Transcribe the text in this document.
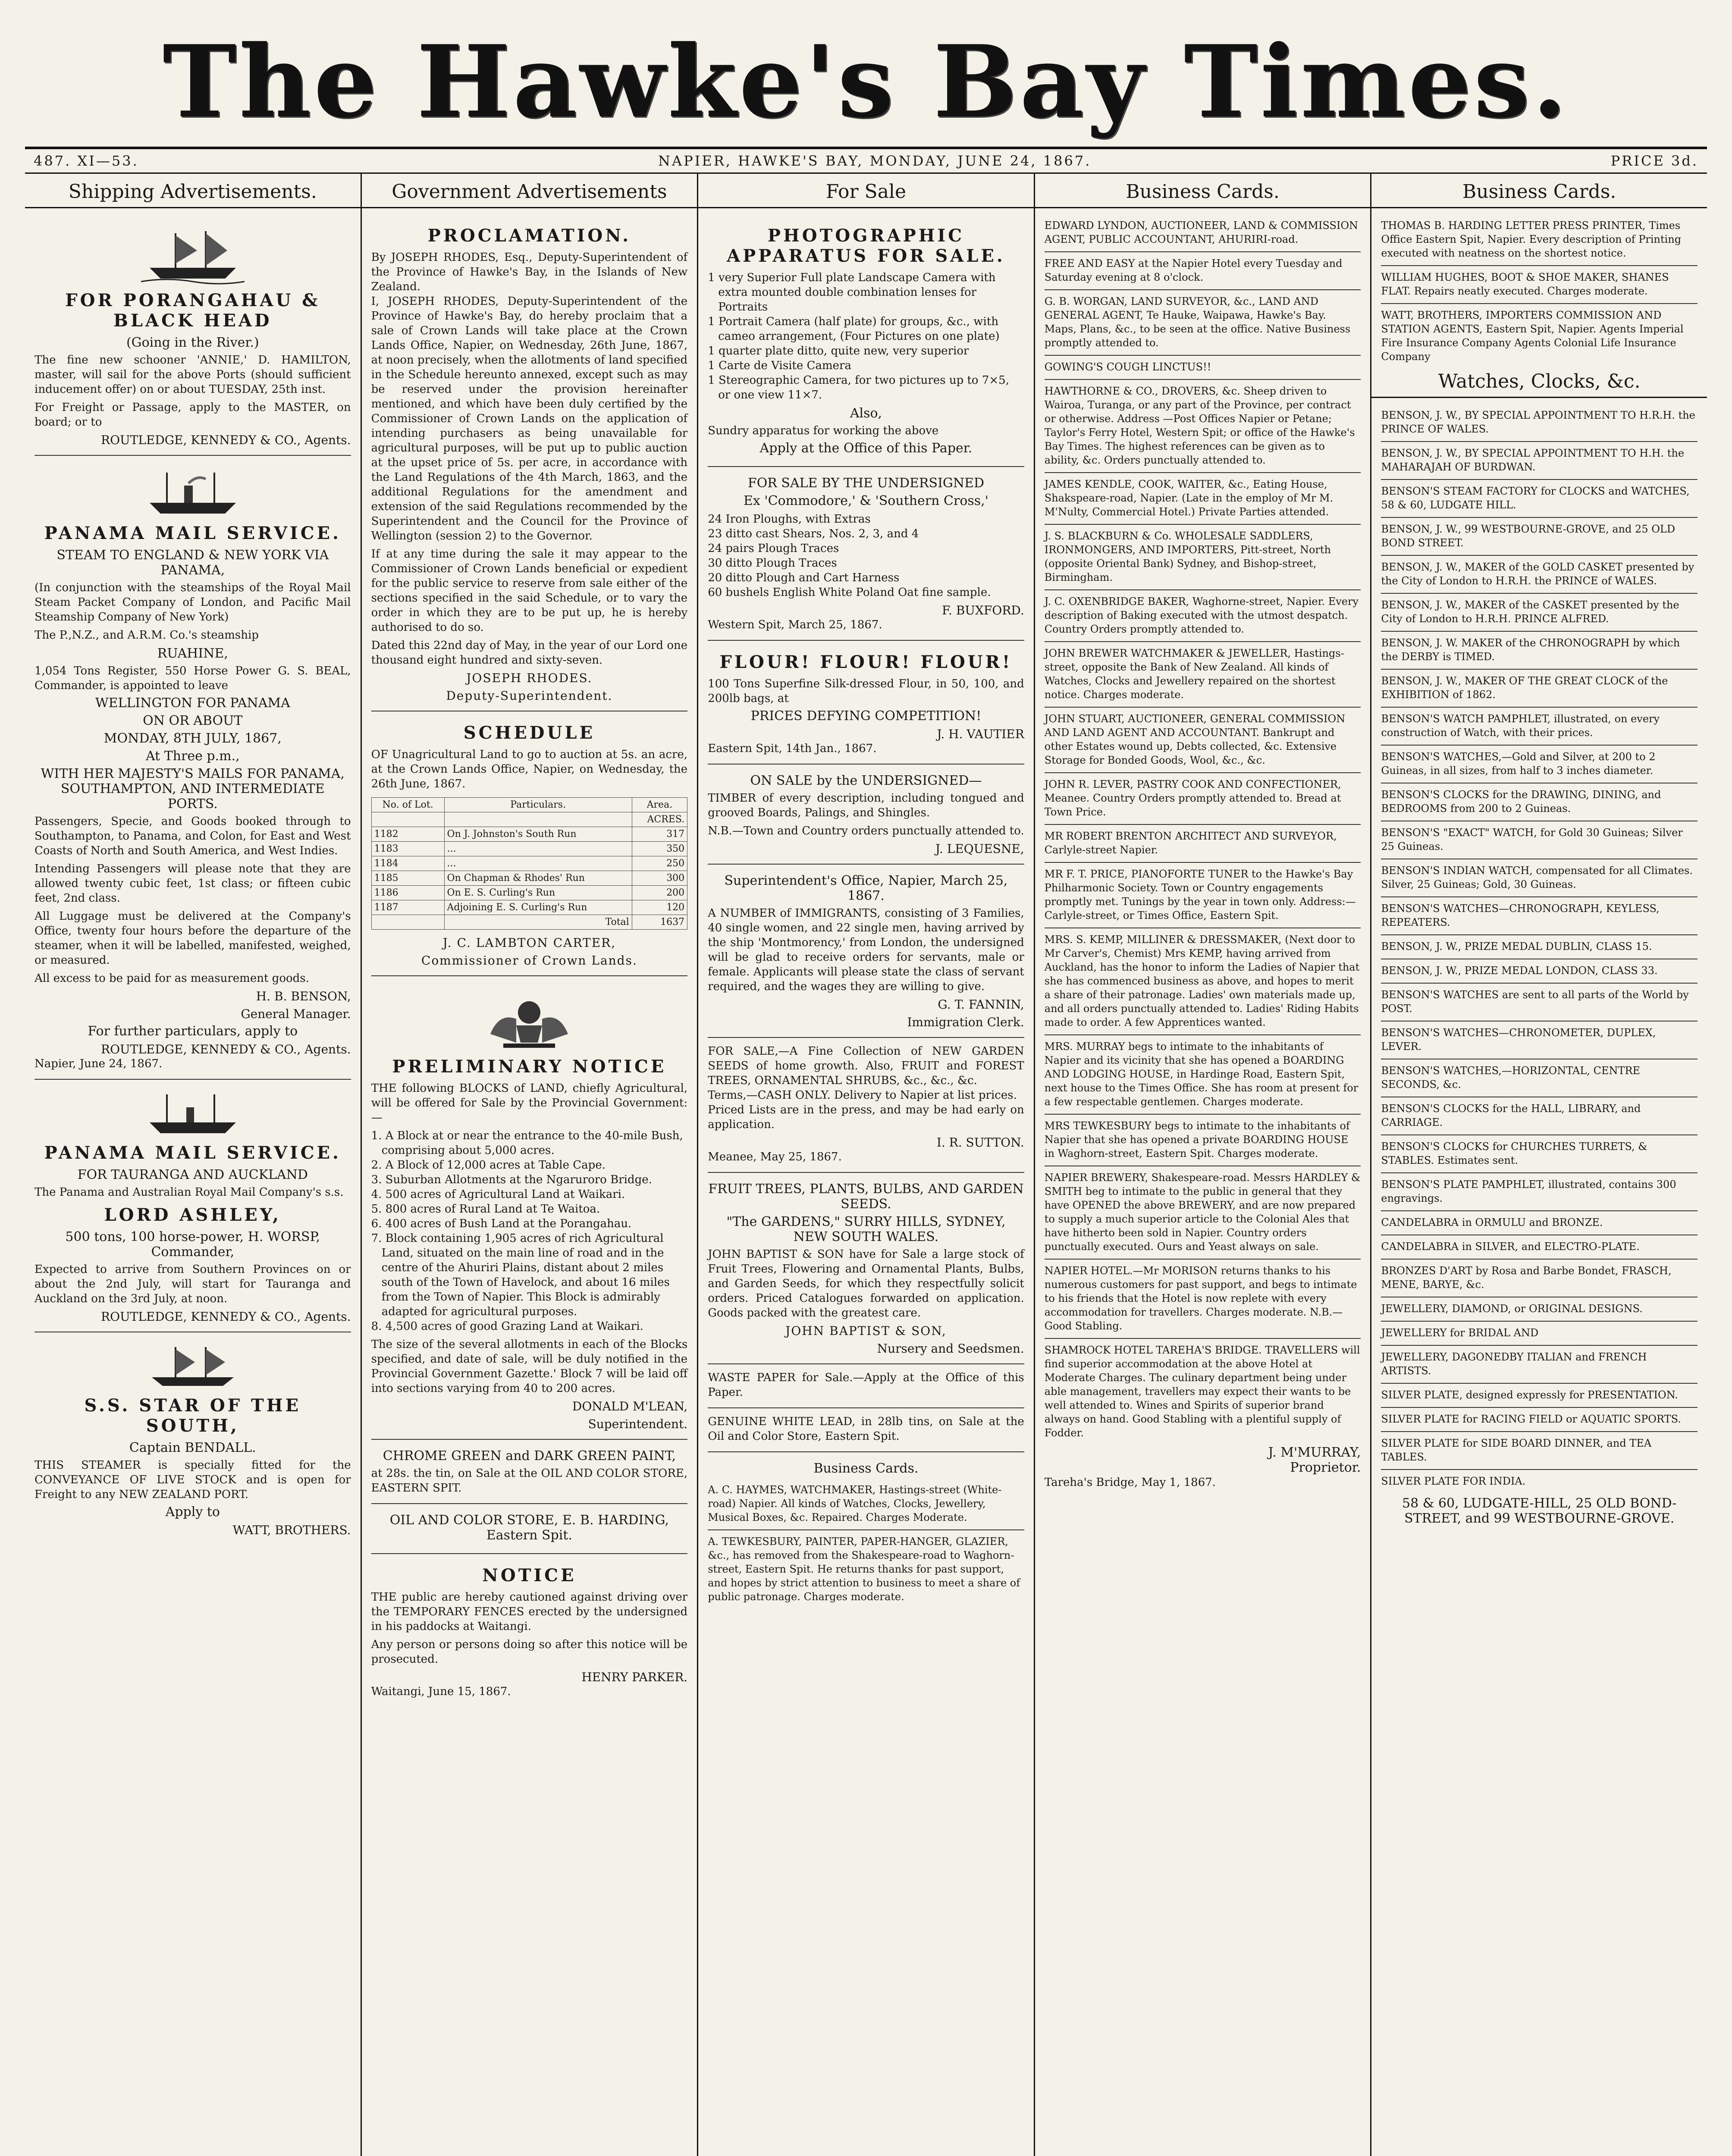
The Hawke's Bay Times.
487. XI—53.	NAPIER, HAWKE'S BAY, MONDAY, JUNE 24, 1867.	PRICE 3d.
Shipping Advertisements.
FOR PORANGAHAU & BLACK HEAD
(Going in the River.)

The fine new schooner 'ANNIE,' D. HAMILTON, master, will sail for the above Ports (should sufficient inducement offer) on or about TUESDAY, 25th inst.

For Freight or Passage, apply to the MASTER, on board; or to

ROUTLEDGE, KENNEDY & CO., Agents.
PANAMA MAIL SERVICE.
STEAM TO ENGLAND & NEW YORK VIA PANAMA,

(In conjunction with the steamships of the Royal Mail Steam Packet Company of London, and Pacific Mail Steamship Company of New York)

The P.,N.Z., and A.R.M. Co.'s steamship

RUAHINE,
1,054 Tons Register, 550 Horse Power G. S. BEAL, Commander, is appointed to leave
WELLINGTON FOR PANAMA
ON OR ABOUT
MONDAY, 8TH JULY, 1867,
At Three p.m.,
WITH HER MAJESTY'S MAILS FOR PANAMA, SOUTHAMPTON, AND INTERMEDIATE PORTS.

Passengers, Specie, and Goods booked through to Southampton, to Panama, and Colon, for East and West Coasts of North and South America, and West Indies.

Intending Passengers will please note that they are allowed twenty cubic feet, 1st class; or fifteen cubic feet, 2nd class.

All Luggage must be delivered at the Company's Office, twenty four hours before the departure of the steamer, when it will be labelled, manifested, weighed, or measured.

All excess to be paid for as measurement goods.

H. B. BENSON,
General Manager.
For further particulars, apply to
ROUTLEDGE, KENNEDY & CO., Agents.
Napier, June 24, 1867.
PANAMA MAIL SERVICE.
FOR TAURANGA AND AUCKLAND
The Panama and Australian Royal Mail Company's s.s.
LORD ASHLEY,
500 tons, 100 horse-power, H. WORSP, Commander,
Expected to arrive from Southern Provinces on or about the 2nd July, will start for Tauranga and Auckland on the 3rd July, at noon.
ROUTLEDGE, KENNEDY & CO., Agents.
S.S. STAR OF THE SOUTH,
Captain BENDALL.
THIS STEAMER is specially fitted for the CONVEYANCE OF LIVE STOCK and is open for Freight to any NEW ZEALAND PORT.
Apply to
WATT, BROTHERS.
Government Advertisements
PROCLAMATION.
By JOSEPH RHODES, Esq., Deputy-Superintendent of the Province of Hawke's Bay, in the Islands of New Zealand.

I, JOSEPH RHODES, Deputy-Superintendent of the Province of Hawke's Bay, do hereby proclaim that a sale of Crown Lands will take place at the Crown Lands Office, Napier, on Wednesday, 26th June, 1867, at noon precisely, when the allotments of land specified in the Schedule hereunto annexed, except such as may be reserved under the provision hereinafter mentioned, and which have been duly certified by the Commissioner of Crown Lands on the application of intending purchasers as being unavailable for agricultural purposes, will be put up to public auction at the upset price of 5s. per acre, in accordance with the Land Regulations of the 4th March, 1863, and the additional Regulations for the amendment and extension of the said Regulations recommended by the Superintendent and the Council for the Province of Wellington (session 2) to the Governor.

If at any time during the sale it may appear to the Commissioner of Crown Lands beneficial or expedient for the public service to reserve from sale either of the sections specified in the said Schedule, or to vary the order in which they are to be put up, he is hereby authorised to do so.

Dated this 22nd day of May, in the year of our Lord one thousand eight hundred and sixty-seven.

JOSEPH RHODES.
Deputy-Superintendent.
SCHEDULE
OF Unagricultural Land to go to auction at 5s. an acre, at the Crown Lands Office, Napier, on Wednesday, the 26th June, 1867.
No. of Lot.	Particulars.	Area.
		ACRES.
1182	On J. Johnston's South Run	317
1183	...	350
1184	...	250
1185	On Chapman & Rhodes' Run	300
1186	On E. S. Curling's Run	200
1187	Adjoining E. S. Curling's Run	120
	Total	1637
J. C. LAMBTON CARTER,
Commissioner of Crown Lands.
PRELIMINARY NOTICE
THE following BLOCKS of LAND, chiefly Agricultural, will be offered for Sale by the Provincial Government:—
1. A Block at or near the entrance to the 40-mile Bush, comprising about 5,000 acres.
2. A Block of 12,000 acres at Table Cape.
3. Suburban Allotments at the Ngaruroro Bridge.
4. 500 acres of Agricultural Land at Waikari.
5. 800 acres of Rural Land at Te Waitoa.
6. 400 acres of Bush Land at the Porangahau.
7. Block containing 1,905 acres of rich Agricultural Land, situated on the main line of road and in the centre of the Ahuriri Plains, distant about 2 miles south of the Town of Havelock, and about 16 miles from the Town of Napier. This Block is admirably adapted for agricultural purposes.
8. 4,500 acres of good Grazing Land at Waikari.
The size of the several allotments in each of the Blocks specified, and date of sale, will be duly notified in the Provincial Government Gazette.' Block 7 will be laid off into sections varying from 40 to 200 acres.
DONALD M'LEAN,
Superintendent.
CHROME GREEN and DARK GREEN PAINT,
at 28s. the tin, on Sale at the OIL AND COLOR STORE, EASTERN SPIT.
OIL AND COLOR STORE, E. B. HARDING, Eastern Spit.
NOTICE

THE public are hereby cautioned against driving over the TEMPORARY FENCES erected by the undersigned in his paddocks at Waitangi.

Any person or persons doing so after this notice will be prosecuted.

HENRY PARKER.
Waitangi, June 15, 1867.
For Sale
PHOTOGRAPHIC APPARATUS FOR SALE.
1 very Superior Full plate Landscape Camera with extra mounted double combination lenses for Portraits
1 Portrait Camera (half plate) for groups, &c., with cameo arrangement, (Four Pictures on one plate)
1 quarter plate ditto, quite new, very superior
1 Carte de Visite Camera
1 Stereographic Camera, for two pictures up to 7×5, or one view 11×7.
Also,
Sundry apparatus for working the above
Apply at the Office of this Paper.
FOR SALE BY THE UNDERSIGNED
Ex 'Commodore,' & 'Southern Cross,'
24 Iron Ploughs, with Extras
23 ditto cast Shears, Nos. 2, 3, and 4
24 pairs Plough Traces
30 ditto Plough Traces
20 ditto Plough and Cart Harness
60 bushels English White Poland Oat fine sample.
F. BUXFORD.
Western Spit, March 25, 1867.
FLOUR! FLOUR! FLOUR!
100 Tons Superfine Silk-dressed Flour, in 50, 100, and 200lb bags, at
PRICES DEFYING COMPETITION!
J. H. VAUTIER
Eastern Spit, 14th Jan., 1867.
ON SALE by the UNDERSIGNED—

TIMBER of every description, including tongued and grooved Boards, Palings, and Shingles.

N.B.—Town and Country orders punctually attended to.

J. LEQUESNE,
Superintendent's Office, Napier, March 25, 1867.
A NUMBER of IMMIGRANTS, consisting of 3 Families, 40 single women, and 22 single men, having arrived by the ship 'Montmorency,' from London, the undersigned will be glad to receive orders for servants, male or female. Applicants will please state the class of servant required, and the wages they are willing to give.
G. T. FANNIN,
Immigration Clerk.
FOR SALE,—A Fine Collection of NEW GARDEN SEEDS of home growth. Also, FRUIT and FOREST TREES, ORNAMENTAL SHRUBS, &c., &c., &c.
Terms,—CASH ONLY. Delivery to Napier at list prices.
Priced Lists are in the press, and may be had early on application.
I. R. SUTTON.
Meanee, May 25, 1867.
FRUIT TREES, PLANTS, BULBS, AND GARDEN SEEDS.
"The GARDENS," SURRY HILLS, SYDNEY, NEW SOUTH WALES.
JOHN BAPTIST & SON have for Sale a large stock of Fruit Trees, Flowering and Ornamental Plants, Bulbs, and Garden Seeds, for which they respectfully solicit orders. Priced Catalogues forwarded on application. Goods packed with the greatest care.
JOHN BAPTIST & SON,
Nursery and Seedsmen.
WASTE PAPER for Sale.—Apply at the Office of this Paper.
GENUINE WHITE LEAD, in 28lb tins, on Sale at the Oil and Color Store, Eastern Spit.
Business Cards.
A. C. HAYMES, WATCHMAKER, Hastings-street (White-road) Napier. All kinds of Watches, Clocks, Jewellery, Musical Boxes, &c. Repaired. Charges Moderate.
A. TEWKESBURY, PAINTER, PAPER-HANGER, GLAZIER, &c., has removed from the Shakespeare-road to Waghorn-street, Eastern Spit. He returns thanks for past support, and hopes by strict attention to business to meet a share of public patronage. Charges moderate.
Business Cards.
EDWARD LYNDON, AUCTIONEER, LAND & COMMISSION AGENT, PUBLIC ACCOUNTANT, AHURIRI-road.
FREE AND EASY at the Napier Hotel every Tuesday and Saturday evening at 8 o'clock.
G. B. WORGAN, LAND SURVEYOR, &c., LAND AND GENERAL AGENT, Te Hauke, Waipawa, Hawke's Bay. Maps, Plans, &c., to be seen at the office. Native Business promptly attended to.
GOWING'S COUGH LINCTUS!!
HAWTHORNE & CO., DROVERS, &c. Sheep driven to Wairoa, Turanga, or any part of the Province, per contract or otherwise. Address —Post Offices Napier or Petane; Taylor's Ferry Hotel, Western Spit; or office of the Hawke's Bay Times. The highest references can be given as to ability, &c. Orders punctually attended to.
JAMES KENDLE, COOK, WAITER, &c., Eating House, Shakspeare-road, Napier. (Late in the employ of Mr M. M'Nulty, Commercial Hotel.) Private Parties attended.
J. S. BLACKBURN & Co. WHOLESALE SADDLERS, IRONMONGERS, AND IMPORTERS, Pitt-street, North (opposite Oriental Bank) Sydney, and Bishop-street, Birmingham.
J. C. OXENBRIDGE BAKER, Waghorne-street, Napier. Every description of Baking executed with the utmost despatch. Country Orders promptly attended to.
JOHN BREWER WATCHMAKER & JEWELLER, Hastings-street, opposite the Bank of New Zealand. All kinds of Watches, Clocks and Jewellery repaired on the shortest notice. Charges moderate.
JOHN STUART, AUCTIONEER, GENERAL COMMISSION AND LAND AGENT AND ACCOUNTANT. Bankrupt and other Estates wound up, Debts collected, &c. Extensive Storage for Bonded Goods, Wool, &c., &c.
JOHN R. LEVER, PASTRY COOK AND CONFECTIONER, Meanee. Country Orders promptly attended to. Bread at Town Price.
MR ROBERT BRENTON ARCHITECT AND SURVEYOR, Carlyle-street Napier.
MR F. T. PRICE, PIANOFORTE TUNER to the Hawke's Bay Philharmonic Society. Town or Country engagements promptly met. Tunings by the year in town only. Address:—Carlyle-street, or Times Office, Eastern Spit.
MRS. S. KEMP, MILLINER & DRESSMAKER, (Next door to Mr Carver's, Chemist) Mrs KEMP, having arrived from Auckland, has the honor to inform the Ladies of Napier that she has commenced business as above, and hopes to merit a share of their patronage. Ladies' own materials made up, and all orders punctually attended to. Ladies' Riding Habits made to order. A few Apprentices wanted.
MRS. MURRAY begs to intimate to the inhabitants of Napier and its vicinity that she has opened a BOARDING AND LODGING HOUSE, in Hardinge Road, Eastern Spit, next house to the Times Office. She has room at present for a few respectable gentlemen. Charges moderate.
MRS TEWKESBURY begs to intimate to the inhabitants of Napier that she has opened a private BOARDING HOUSE in Waghorn-street, Eastern Spit. Charges moderate.
NAPIER BREWERY, Shakespeare-road. Messrs HARDLEY & SMITH beg to intimate to the public in general that they have OPENED the above BREWERY, and are now prepared to supply a much superior article to the Colonial Ales that have hitherto been sold in Napier. Country orders punctually executed. Ours and Yeast always on sale.
NAPIER HOTEL.—Mr MORISON returns thanks to his numerous customers for past support, and begs to intimate to his friends that the Hotel is now replete with every accommodation for travellers. Charges moderate. N.B.—Good Stabling.
SHAMROCK HOTEL TAREHA'S BRIDGE. TRAVELLERS will find superior accommodation at the above Hotel at Moderate Charges. The culinary department being under able management, travellers may expect their wants to be well attended to. Wines and Spirits of superior brand always on hand. Good Stabling with a plentiful supply of Fodder.
J. M'MURRAY,
Proprietor.
Tareha's Bridge, May 1, 1867.
Business Cards.
THOMAS B. HARDING LETTER PRESS PRINTER, Times Office Eastern Spit, Napier. Every description of Printing executed with neatness on the shortest notice.
WILLIAM HUGHES, BOOT & SHOE MAKER, SHANES FLAT. Repairs neatly executed. Charges moderate.
WATT, BROTHERS, IMPORTERS COMMISSION AND STATION AGENTS, Eastern Spit, Napier. Agents Imperial Fire Insurance Company Agents Colonial Life Insurance Company
Watches, Clocks, &c.
BENSON, J. W., BY SPECIAL APPOINTMENT TO H.R.H. the PRINCE OF WALES.
BENSON, J. W., BY SPECIAL APPOINTMENT TO H.H. the MAHARAJAH OF BURDWAN.
BENSON'S STEAM FACTORY for CLOCKS and WATCHES, 58 & 60, LUDGATE HILL.
BENSON, J. W., 99 WESTBOURNE-GROVE, and 25 OLD BOND STREET.
BENSON, J. W., MAKER of the GOLD CASKET presented by the City of London to H.R.H. the PRINCE of WALES.
BENSON, J. W., MAKER of the CASKET presented by the City of London to H.R.H. PRINCE ALFRED.
BENSON, J. W. MAKER of the CHRONOGRAPH by which the DERBY is TIMED.
BENSON, J. W., MAKER OF THE GREAT CLOCK of the EXHIBITION of 1862.
BENSON'S WATCH PAMPHLET, illustrated, on every construction of Watch, with their prices.
BENSON'S WATCHES,—Gold and Silver, at 200 to 2 Guineas, in all sizes, from half to 3 inches diameter.
BENSON'S CLOCKS for the DRAWING, DINING, and BEDROOMS from 200 to 2 Guineas.
BENSON'S "EXACT" WATCH, for Gold 30 Guineas; Silver 25 Guineas.
BENSON'S INDIAN WATCH, compensated for all Climates. Silver, 25 Guineas; Gold, 30 Guineas.
BENSON'S WATCHES—CHRONOGRAPH, KEYLESS, REPEATERS.
BENSON, J. W., PRIZE MEDAL DUBLIN, CLASS 15.
BENSON, J. W., PRIZE MEDAL LONDON, CLASS 33.
BENSON'S WATCHES are sent to all parts of the World by POST.
BENSON'S WATCHES—CHRONOMETER, DUPLEX, LEVER.
BENSON'S WATCHES,—HORIZONTAL, CENTRE SECONDS, &c.
BENSON'S CLOCKS for the HALL, LIBRARY, and CARRIAGE.
BENSON'S CLOCKS for CHURCHES TURRETS, & STABLES. Estimates sent.
BENSON'S PLATE PAMPHLET, illustrated, contains 300 engravings.
CANDELABRA in ORMULU and BRONZE.
CANDELABRA in SILVER, and ELECTRO-PLATE.
BRONZES D'ART by Rosa and Barbe Bondet, FRASCH, MENE, BARYE, &c.
JEWELLERY, DIAMOND, or ORIGINAL DESIGNS.
JEWELLERY for BRIDAL AND
JEWELLERY, DAGONEDBY ITALIAN and FRENCH ARTISTS.
SILVER PLATE, designed expressly for PRESENTATION.
SILVER PLATE for RACING FIELD or AQUATIC SPORTS.
SILVER PLATE for SIDE BOARD DINNER, and TEA TABLES.
SILVER PLATE FOR INDIA.
58 & 60, LUDGATE-HILL, 25 OLD BOND-STREET, and 99 WESTBOURNE-GROVE.
